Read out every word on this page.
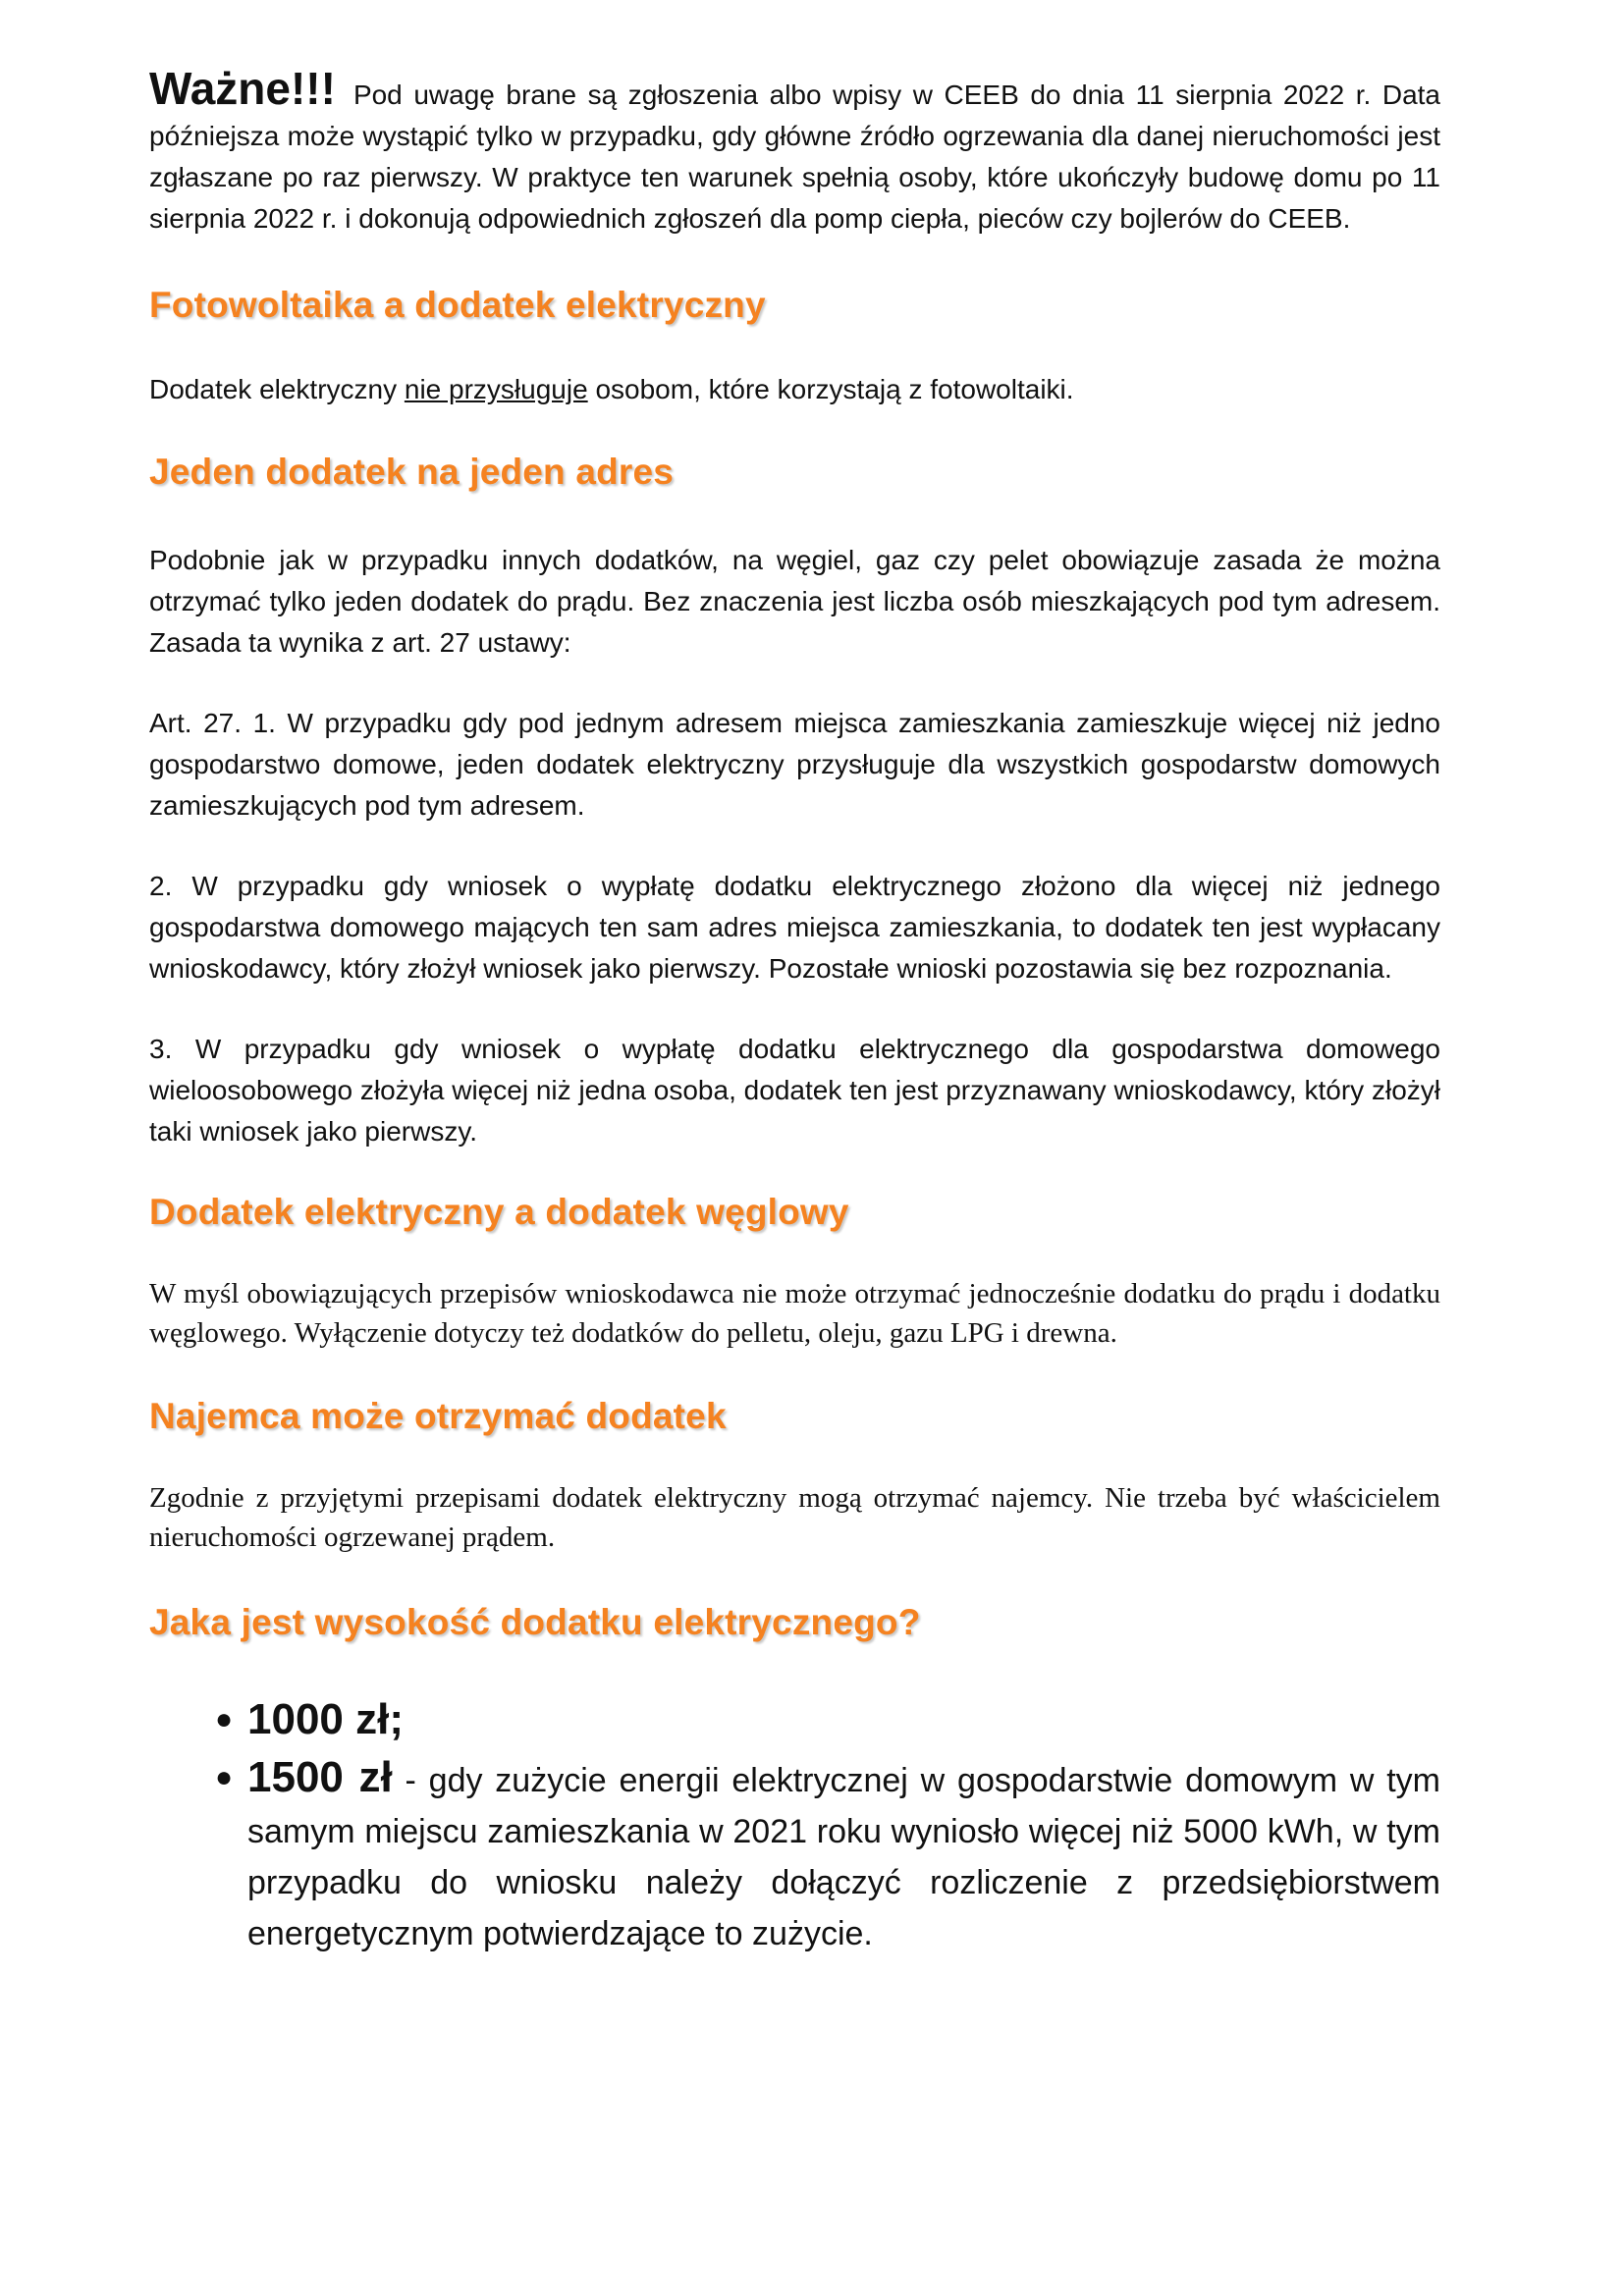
Ważne!!! Pod uwagę brane są zgłoszenia albo wpisy w CEEB do dnia 11 sierpnia 2022 r. Data późniejsza może wystąpić tylko w przypadku, gdy główne źródło ogrzewania dla danej nieruchomości jest zgłaszane po raz pierwszy. W praktyce ten warunek spełnią osoby, które ukończyły budowę domu po 11 sierpnia 2022 r. i dokonują odpowiednich zgłoszeń dla pomp ciepła, pieców czy bojlerów do CEEB.

Fotowoltaika a dodatek elektryczny

Dodatek elektryczny nie przysługuje osobom, które korzystają z fotowoltaiki.

Jeden dodatek na jeden adres

Podobnie jak w przypadku innych dodatków, na węgiel, gaz czy pelet obowiązuje zasada że można otrzymać tylko jeden dodatek do prądu. Bez znaczenia jest liczba osób mieszkających pod tym adresem. Zasada ta wynika z art. 27 ustawy:

Art. 27. 1. W przypadku gdy pod jednym adresem miejsca zamieszkania zamieszkuje więcej niż jedno gospodarstwo domowe, jeden dodatek elektryczny przysługuje dla wszystkich gospodarstw domowych zamieszkujących pod tym adresem.

2. W przypadku gdy wniosek o wypłatę dodatku elektrycznego złożono dla więcej niż jednego gospodarstwa domowego mających ten sam adres miejsca zamieszkania, to dodatek ten jest wypłacany wnioskodawcy, który złożył wniosek jako pierwszy. Pozostałe wnioski pozostawia się bez rozpoznania.

3. W przypadku gdy wniosek o wypłatę dodatku elektrycznego dla gospodarstwa domowego wieloosobowego złożyła więcej niż jedna osoba, dodatek ten jest przyznawany wnioskodawcy, który złożył taki wniosek jako pierwszy.

Dodatek elektryczny a dodatek węglowy

W myśl obowiązujących przepisów wnioskodawca nie może otrzymać jednocześnie dodatku do prądu i dodatku węglowego. Wyłączenie dotyczy też dodatków do pelletu, oleju, gazu LPG i drewna.

Najemca może otrzymać dodatek

Zgodnie z przyjętymi przepisami dodatek elektryczny mogą otrzymać najemcy. Nie trzeba być właścicielem nieruchomości ogrzewanej prądem.

Jaka jest wysokość dodatku elektrycznego?
● 1000 zł;
● 1500 zł - gdy zużycie energii elektrycznej w gospodarstwie domowym w tym samym miejscu zamieszkania w 2021 roku wyniosło więcej niż 5000 kWh, w tym przypadku do wniosku należy dołączyć rozliczenie z przedsiębiorstwem energetycznym potwierdzające to zużycie.
